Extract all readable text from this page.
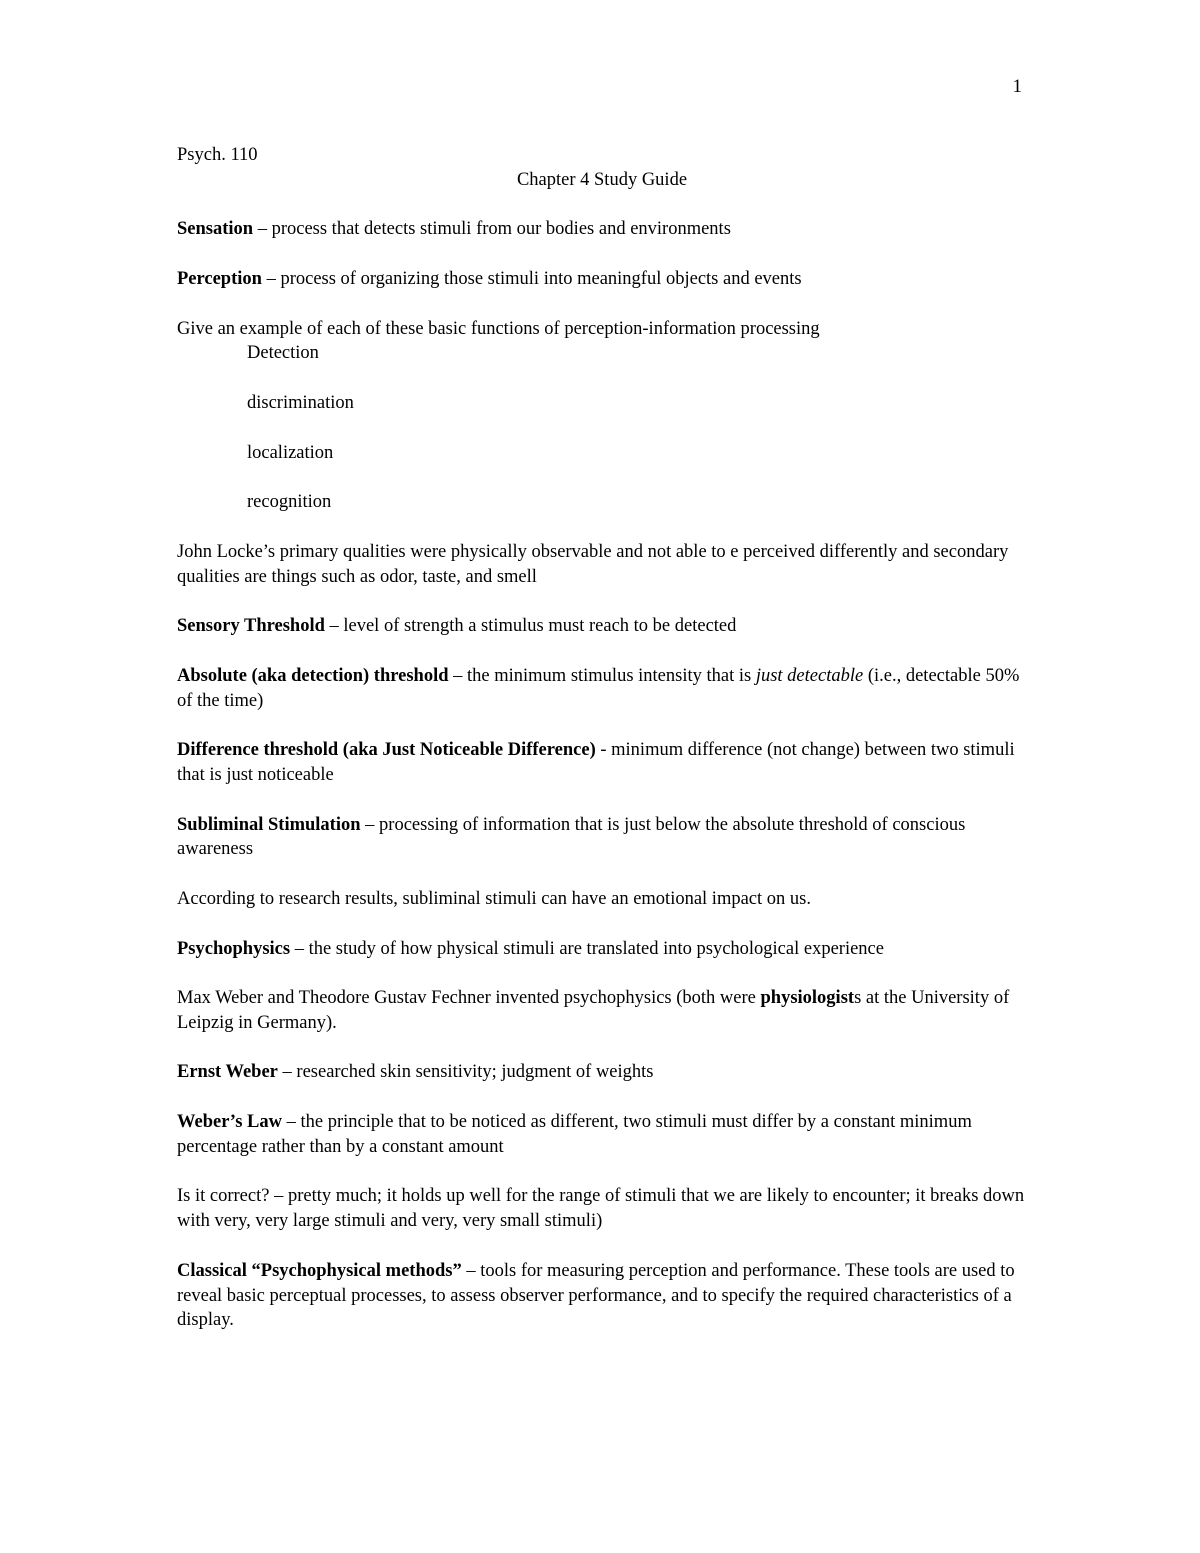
1

Psych. 110

Chapter 4 Study Guide

Sensation – process that detects stimuli from our bodies and environments

Perception – process of organizing those stimuli into meaningful objects and events

Give an example of each of these basic functions of perception-information processing

Detection

discrimination

localization

recognition

John Locke’s primary qualities were physically observable and not able to e perceived differently and secondary qualities are things such as odor, taste, and smell

Sensory Threshold – level of strength a stimulus must reach to be detected

Absolute (aka detection) threshold – the minimum stimulus intensity that is just detectable (i.e., detectable 50% of the time)

Difference threshold (aka Just Noticeable Difference) - minimum difference (not change) between two stimuli that is just noticeable

Subliminal Stimulation – processing of information that is just below the absolute threshold of conscious awareness

According to research results, subliminal stimuli can have an emotional impact on us.

Psychophysics – the study of how physical stimuli are translated into psychological experience

Max Weber and Theodore Gustav Fechner invented psychophysics (both were physiologists at the University of Leipzig in Germany).

Ernst Weber – researched skin sensitivity; judgment of weights

Weber’s Law – the principle that to be noticed as different, two stimuli must differ by a constant minimum percentage rather than by a constant amount

Is it correct? – pretty much; it holds up well for the range of stimuli that we are likely to encounter; it breaks down with very, very large stimuli and very, very small stimuli)

Classical “Psychophysical methods” – tools for measuring perception and performance. These tools are used to reveal basic perceptual processes, to assess observer performance, and to specify the required characteristics of a display.
